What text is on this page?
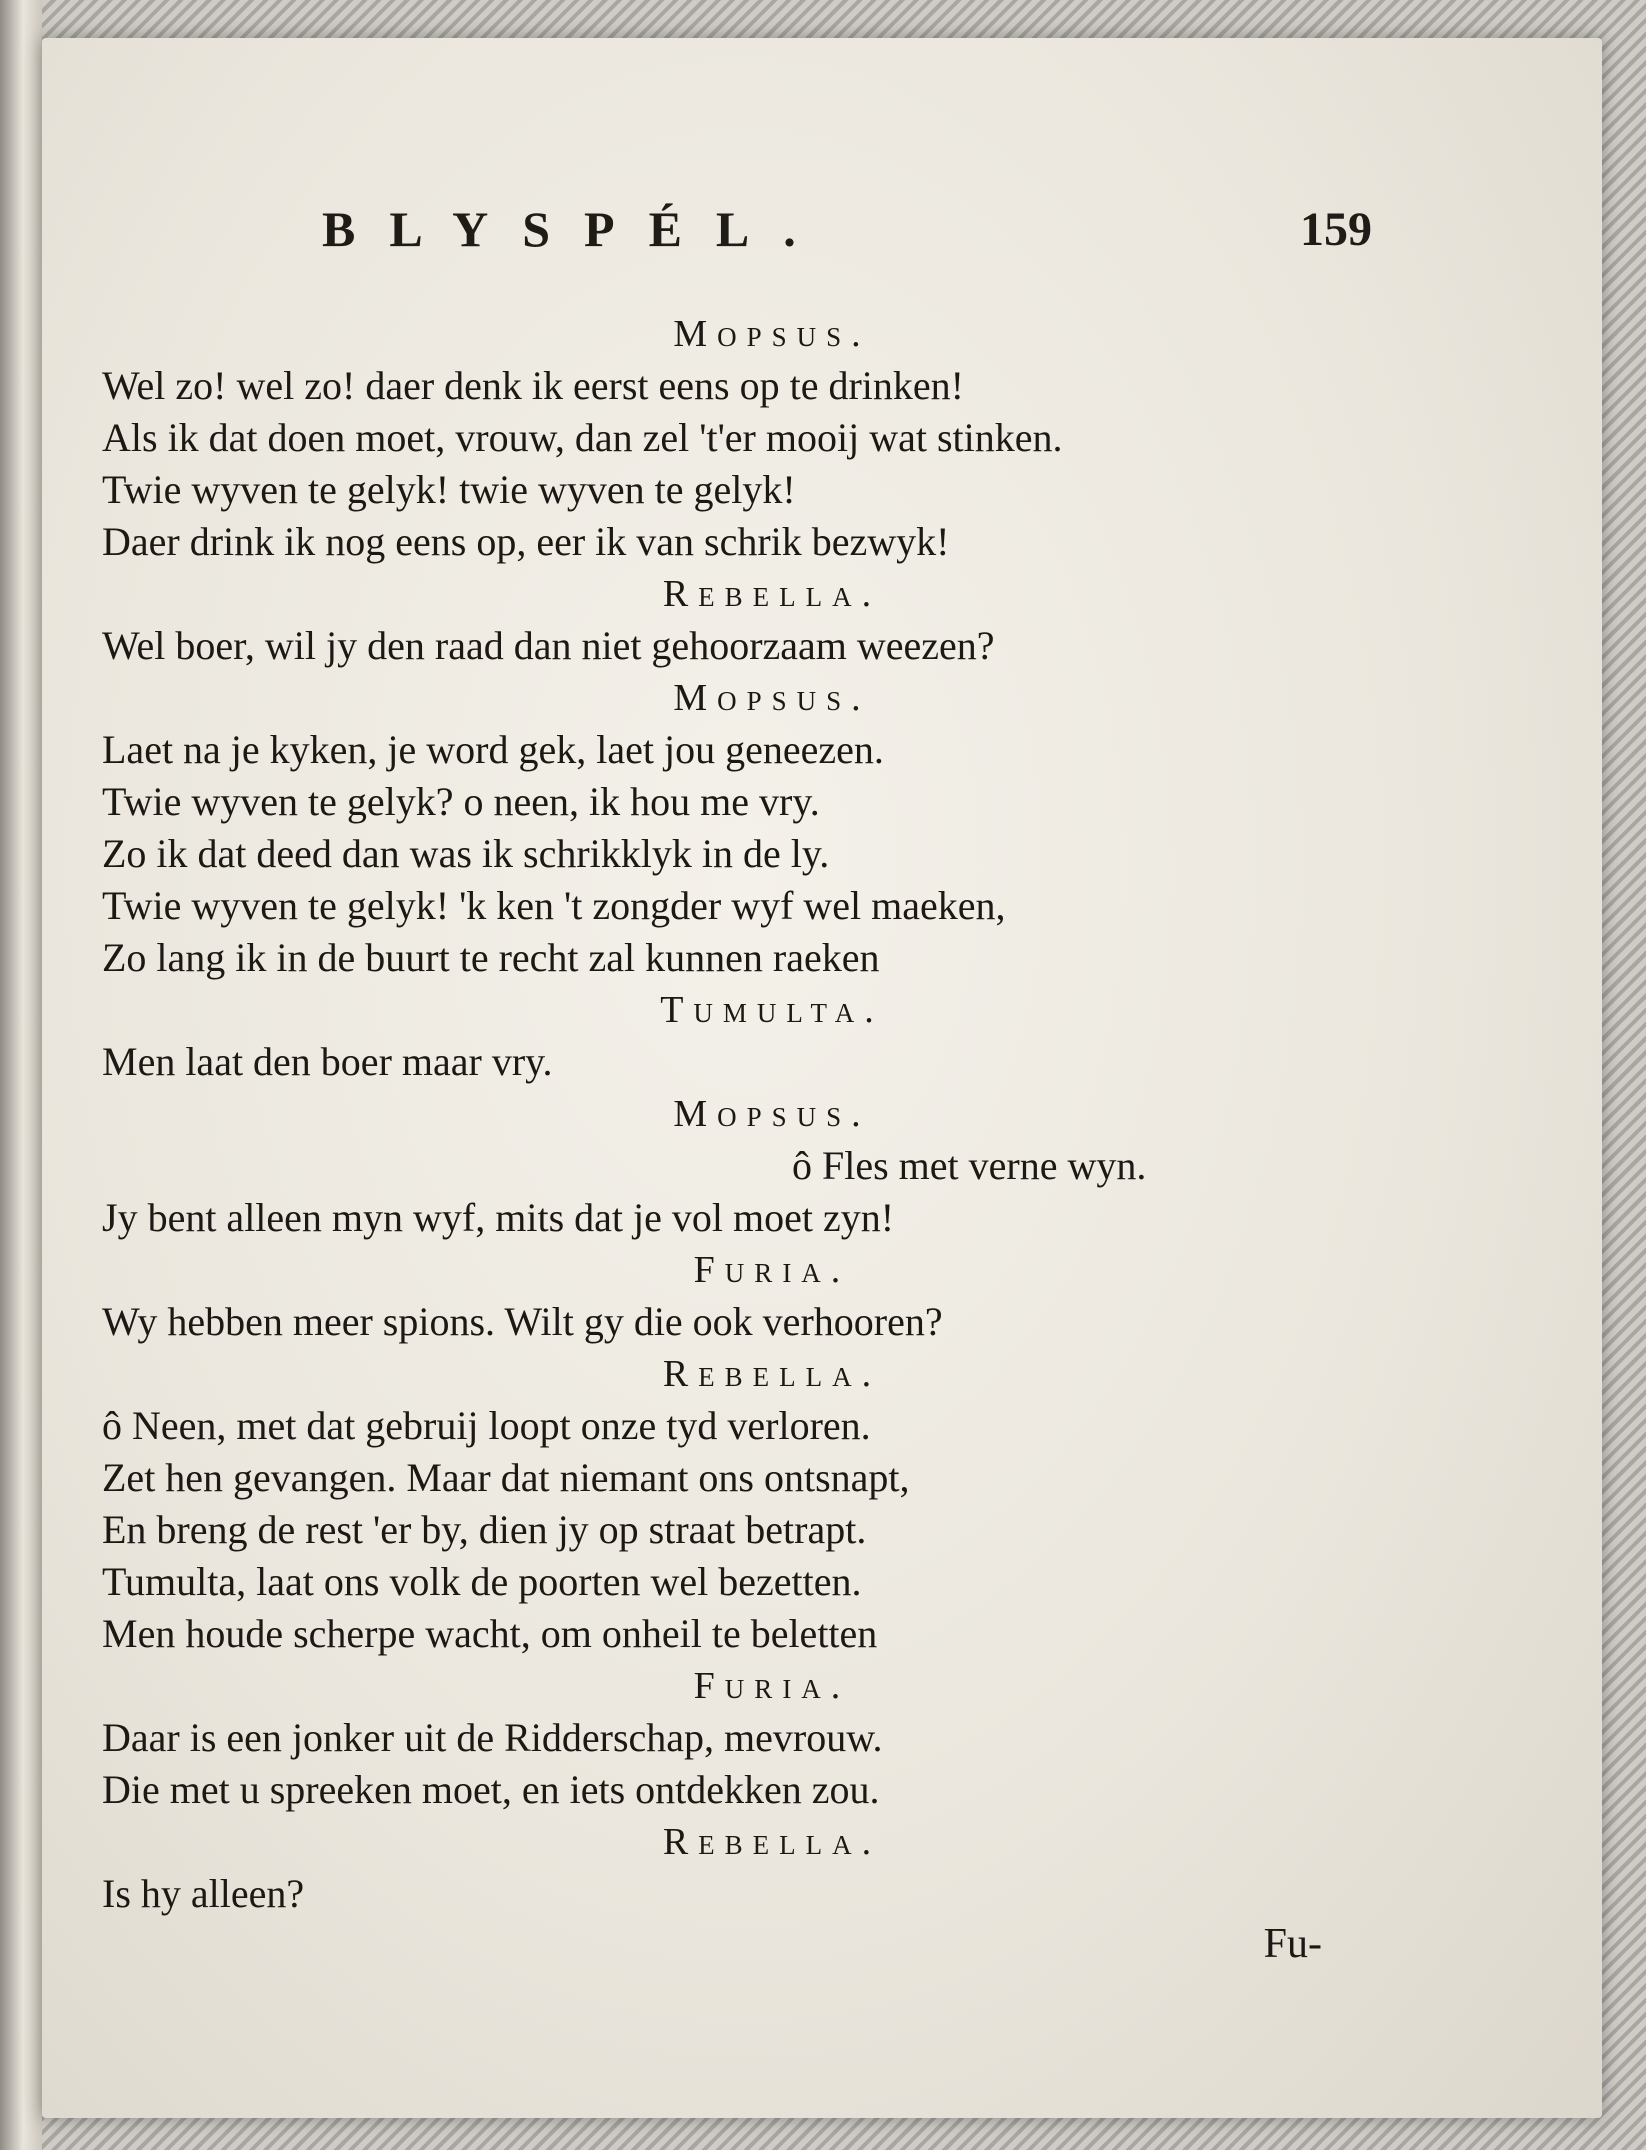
BLYSPÉL.	159
Mopsus.
Wel zo! wel zo! daer denk ik eerst eens op te drinken!
Als ik dat doen moet, vrouw, dan zel 't'er mooij wat stinken.
Twie wyven te gelyk! twie wyven te gelyk!
Daer drink ik nog eens op, eer ik van schrik bezwyk!
Rebella.
Wel boer, wil jy den raad dan niet gehoorzaam weezen?
Mopsus.
Laet na je kyken, je word gek, laet jou geneezen.
Twie wyven te gelyk? o neen, ik hou me vry.
Zo ik dat deed dan was ik schrikklyk in de ly.
Twie wyven te gelyk! 'k ken 't zongder wyf wel maeken,
Zo lang ik in de buurt te recht zal kunnen raeken
Tumulta.
Men laat den boer maar vry.
Mopsus.
ô Fles met verne wyn.
Jy bent alleen myn wyf, mits dat je vol moet zyn!
Furia.
Wy hebben meer spions. Wilt gy die ook verhooren?
Rebella.
ô Neen, met dat gebruij loopt onze tyd verloren.
Zet hen gevangen. Maar dat niemant ons ontsnapt,
En breng de rest 'er by, dien jy op straat betrapt.
Tumulta, laat ons volk de poorten wel bezetten.
Men houde scherpe wacht, om onheil te beletten
Furia.
Daar is een jonker uit de Ridderschap, mevrouw.
Die met u spreeken moet, en iets ontdekken zou.
Rebella.
Is hy alleen?
Fu-
